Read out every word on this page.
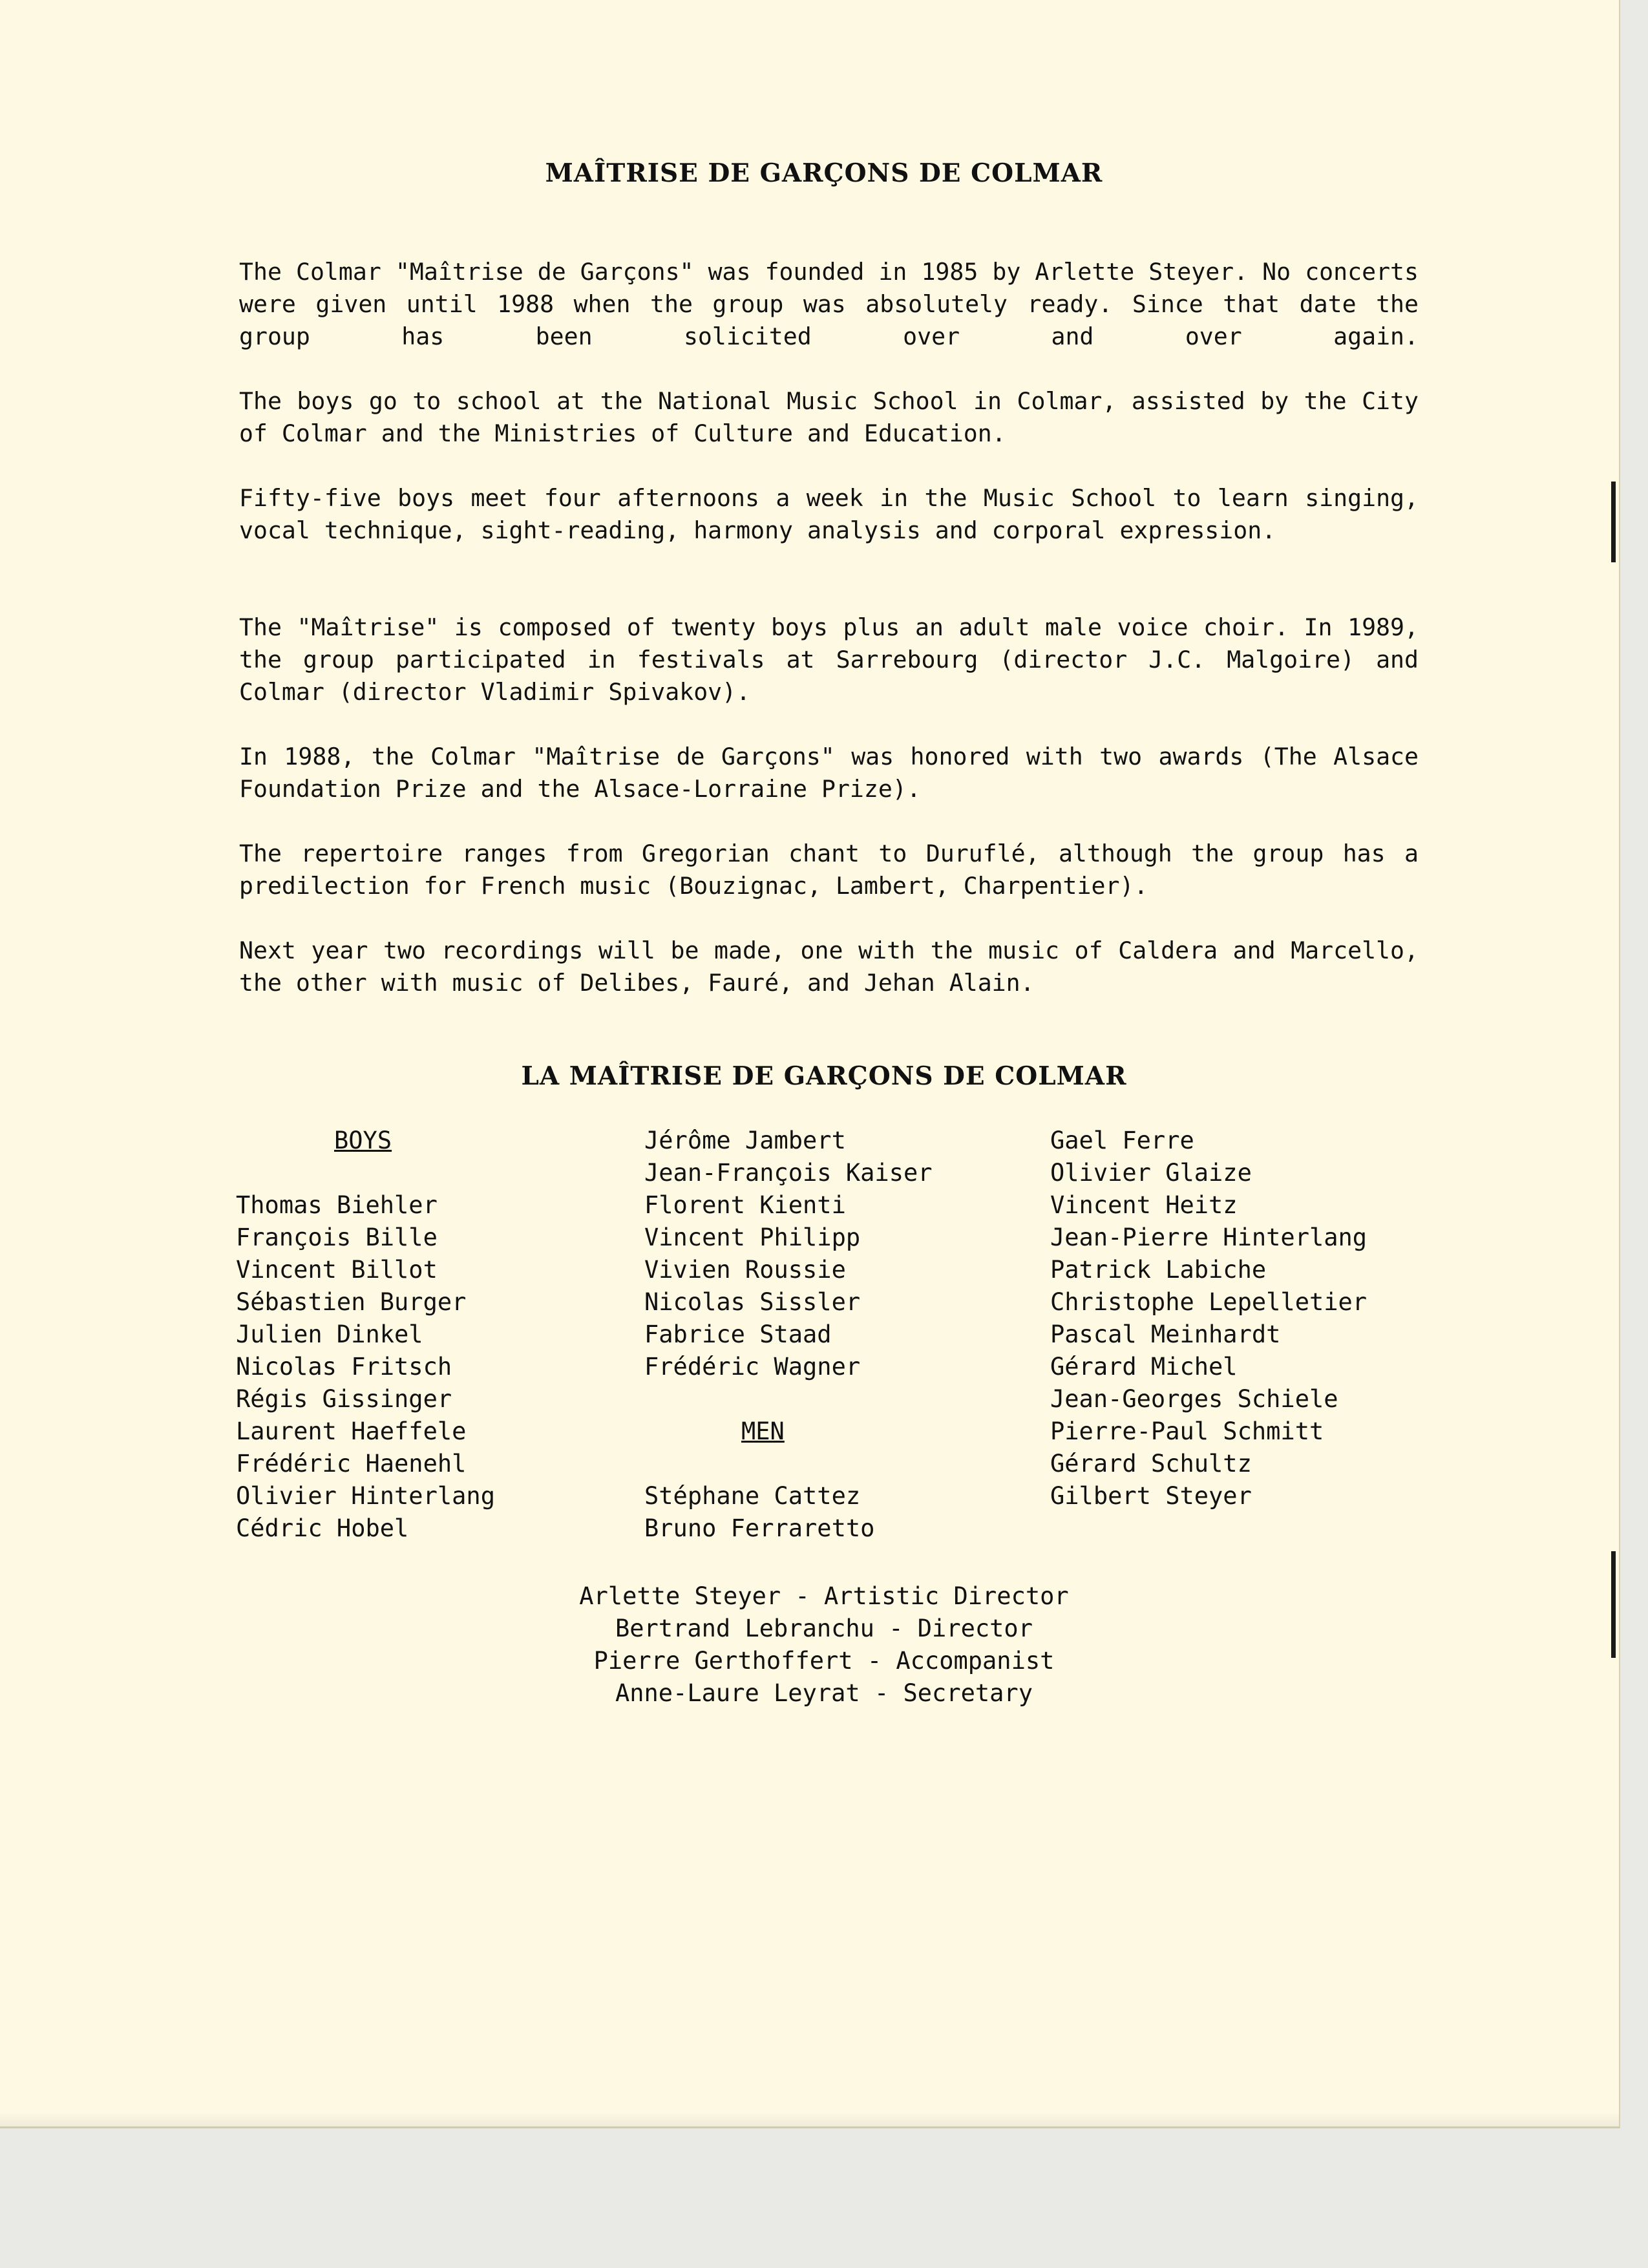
MAÎTRISE DE GARÇONS DE COLMAR

The Colmar "Maîtrise de Garçons" was founded in 1985 by Arlette Steyer. No concerts were given until 1988 when the group was absolutely ready. Since that date the group has been solicited over and over again.

The boys go to school at the National Music School in Colmar, assisted by the City of Colmar and the Ministries of Culture and Education.

Fifty-five boys meet four afternoons a week in the Music School to learn singing, vocal technique, sight-reading, harmony analysis and corporal expression.

The "Maîtrise" is composed of twenty boys plus an adult male voice choir. In 1989, the group participated in festivals at Sarrebourg (director J.C. Malgoire) and Colmar (director Vladimir Spivakov).

In 1988, the Colmar "Maîtrise de Garçons" was honored with two awards (The Alsace Foundation Prize and the Alsace-Lorraine Prize).

The repertoire ranges from Gregorian chant to Duruflé, although the group has a predilection for French music (Bouzignac, Lambert, Charpentier).

Next year two recordings will be made, one with the music of Caldera and Marcello, the other with music of Delibes, Fauré, and Jehan Alain.

LA MAÎTRISE DE GARÇONS DE COLMAR
BOYS

Thomas Biehler
François Bille
Vincent Billot
Sébastien Burger
Julien Dinkel
Nicolas Fritsch
Régis Gissinger
Laurent Haeffele
Frédéric Haenehl
Olivier Hinterlang
Cédric Hobel
Jérôme Jambert
Jean-François Kaiser
Florent Kienti
Vincent Philipp
Vivien Roussie
Nicolas Sissler
Fabrice Staad
Frédéric Wagner

MEN

Stéphane Cattez
Bruno Ferraretto
Gael Ferre
Olivier Glaize
Vincent Heitz
Jean-Pierre Hinterlang
Patrick Labiche
Christophe Lepelletier
Pascal Meinhardt
Gérard Michel
Jean-Georges Schiele
Pierre-Paul Schmitt
Gérard Schultz
Gilbert Steyer
Arlette Steyer - Artistic Director
Bertrand Lebranchu - Director
Pierre Gerthoffert - Accompanist
Anne-Laure Leyrat - Secretary
